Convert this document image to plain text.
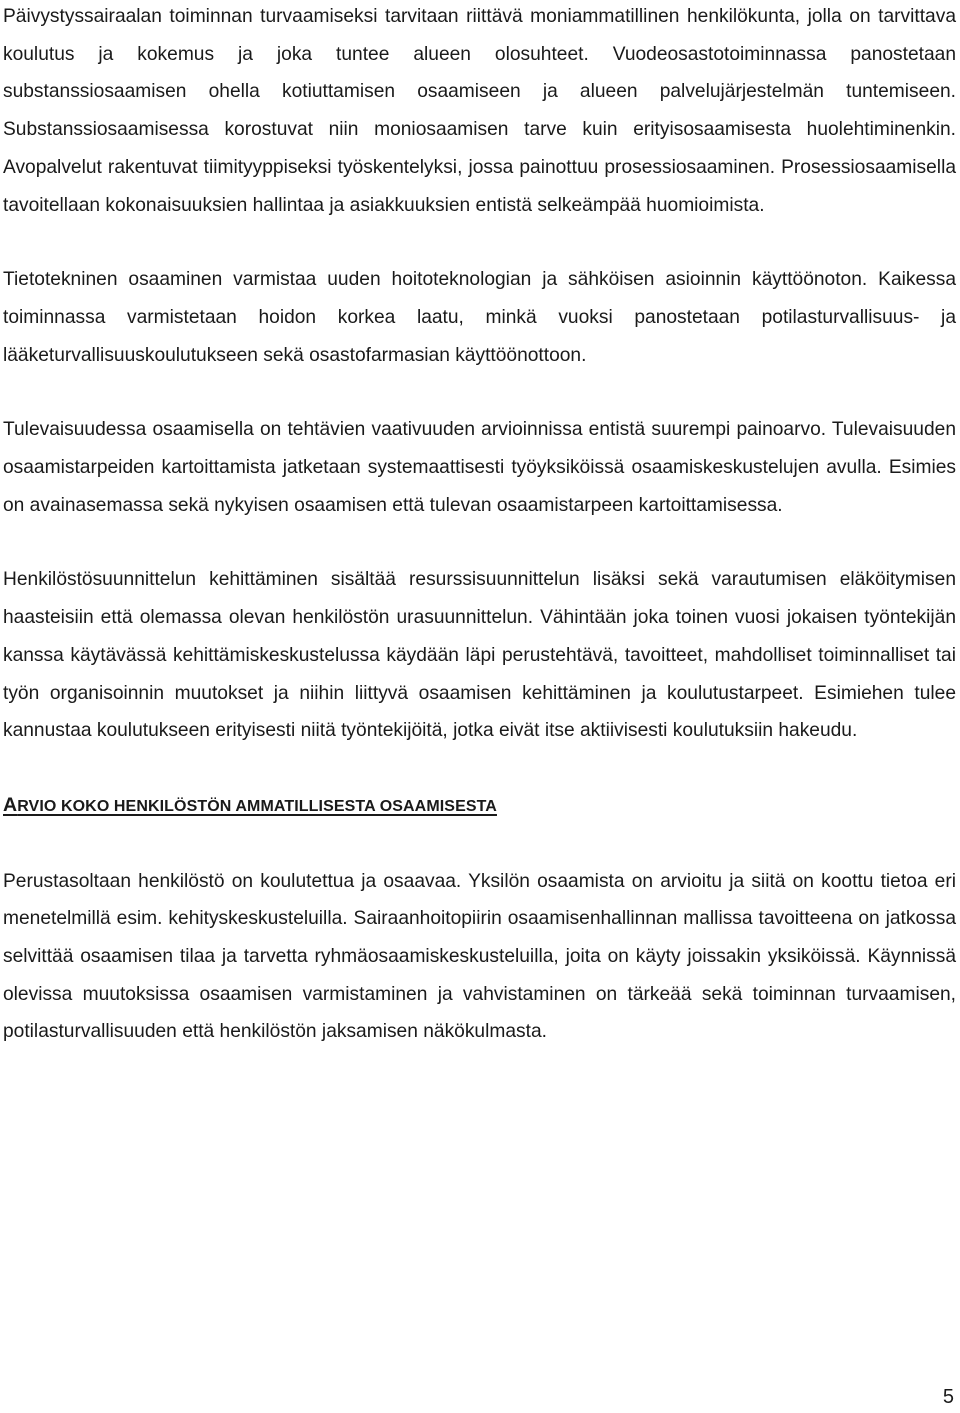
Päivystyssairaalan toiminnan turvaamiseksi tarvitaan riittävä moniammatillinen henkilökunta, jolla on tarvittava koulutus ja kokemus ja joka tuntee alueen olosuhteet. Vuodeosastotoiminnassa panostetaan substanssiosaamisen ohella kotiuttamisen osaamiseen ja alueen palvelujärjestelmän tuntemiseen. Substanssiosaamisessa korostuvat niin moniosaamisen tarve kuin erityisosaamisesta huolehtiminenkin. Avopalvelut rakentuvat tiimityyppiseksi työskentelyksi, jossa painottuu prosessiosaaminen. Prosessiosaamisella tavoitellaan kokonaisuuksien hallintaa ja asiakkuuksien entistä selkeämpää huomioimista.

Tietotekninen osaaminen varmistaa uuden hoitoteknologian ja sähköisen asioinnin käyttöönoton. Kaikessa toiminnassa varmistetaan hoidon korkea laatu, minkä vuoksi panostetaan potilasturvallisuus- ja lääketurvallisuuskoulutukseen sekä osastofarmasian käyttöönottoon.

Tulevaisuudessa osaamisella on tehtävien vaativuuden arvioinnissa entistä suurempi painoarvo. Tulevaisuuden osaamistarpeiden kartoittamista jatketaan systemaattisesti työyksiköissä osaamiskeskustelujen avulla. Esimies on avainasemassa sekä nykyisen osaamisen että tulevan osaamistarpeen kartoittamisessa.

Henkilöstösuunnittelun kehittäminen sisältää resurssisuunnittelun lisäksi sekä varautumisen eläköitymisen haasteisiin että olemassa olevan henkilöstön urasuunnittelun. Vähintään joka toinen vuosi jokaisen työntekijän kanssa käytävässä kehittämiskeskustelussa käydään läpi perustehtävä, tavoitteet, mahdolliset toiminnalliset tai työn organisoinnin muutokset ja niihin liittyvä osaamisen kehittäminen ja koulutustarpeet. Esimiehen tulee kannustaa koulutukseen erityisesti niitä työntekijöitä, jotka eivät itse aktiivisesti koulutuksiin hakeudu.

ARVIO KOKO HENKILÖSTÖN AMMATILLISESTA OSAAMISESTA

Perustasoltaan henkilöstö on koulutettua ja osaavaa. Yksilön osaamista on arvioitu ja siitä on koottu tietoa eri menetelmillä esim. kehityskeskusteluilla. Sairaanhoitopiirin osaamisenhallinnan mallissa tavoitteena on jatkossa selvittää osaamisen tilaa ja tarvetta ryhmäosaamiskeskusteluilla, joita on käyty joissakin yksiköissä. Käynnissä olevissa muutoksissa osaamisen varmistaminen ja vahvistaminen on tärkeää sekä toiminnan turvaamisen, potilasturvallisuuden että henkilöstön jaksamisen näkökulmasta.

5
